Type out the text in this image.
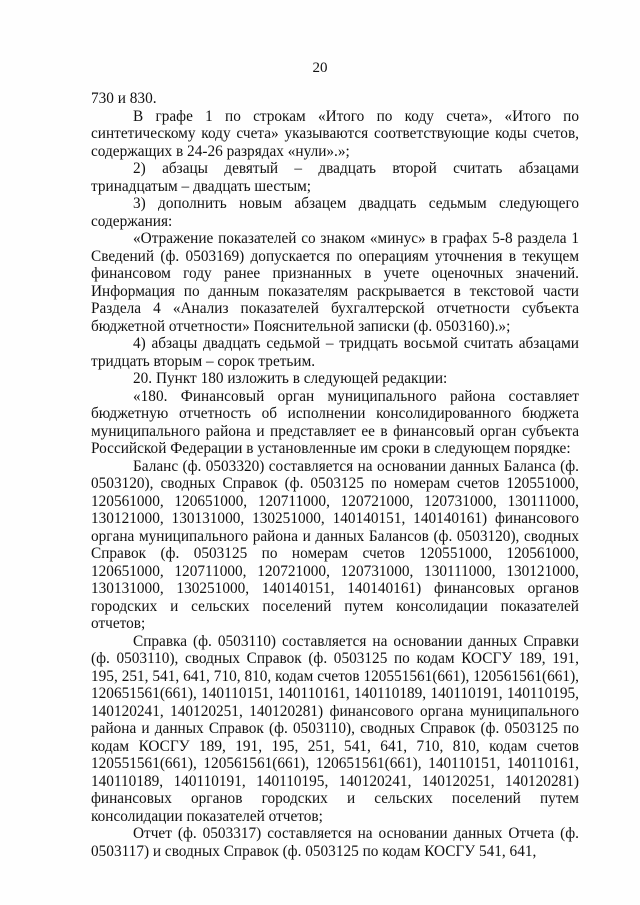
20

730 и 830.

В графе 1 по строкам «Итого по коду счета», «Итого по синтетическому коду счета» указываются соответствующие коды счетов, содержащих в 24-26 разрядах «нули».»;

2) абзацы девятый – двадцать второй считать абзацами тринадцатым – двадцать шестым;

3) дополнить новым абзацем двадцать седьмым следующего содержания:

«Отражение показателей со знаком «минус» в графах 5-8 раздела 1 Сведений (ф. 0503169) допускается по операциям уточнения в текущем финансовом году ранее признанных в учете оценочных значений. Информация по данным показателям раскрывается в текстовой части Раздела 4 «Анализ показателей бухгалтерской отчетности субъекта бюджетной отчетности» Пояснительной записки (ф. 0503160).»;

4) абзацы двадцать седьмой – тридцать восьмой считать абзацами тридцать вторым – сорок третьим.

20. Пункт 180 изложить в следующей редакции:

«180. Финансовый орган муниципального района составляет бюджетную отчетность об исполнении консолидированного бюджета муниципального района и представляет ее в финансовый орган субъекта Российской Федерации в установленные им сроки в следующем порядке:

Баланс (ф. 0503320) составляется на основании данных Баланса (ф. 0503120), сводных Справок (ф. 0503125 по номерам счетов 120551000, 120561000, 120651000, 120711000, 120721000, 120731000, 130111000, 130121000, 130131000, 130251000, 140140151, 140140161) финансового органа муниципального района и данных Балансов (ф. 0503120), сводных Справок (ф. 0503125 по номерам счетов 120551000, 120561000, 120651000, 120711000, 120721000, 120731000, 130111000, 130121000, 130131000, 130251000, 140140151, 140140161) финансовых органов городских и сельских поселений путем консолидации показателей отчетов;

Справка (ф. 0503110) составляется на основании данных Справки (ф. 0503110), сводных Справок (ф. 0503125 по кодам КОСГУ 189, 191, 195, 251, 541, 641, 710, 810, кодам счетов 120551561(661), 120561561(661), 120651561(661), 140110151, 140110161, 140110189, 140110191, 140110195, 140120241, 140120251, 140120281) финансового органа муниципального района и данных Справок (ф. 0503110), сводных Справок (ф. 0503125 по кодам КОСГУ 189, 191, 195, 251, 541, 641, 710, 810, кодам счетов 120551561(661), 120561561(661), 120651561(661), 140110151, 140110161, 140110189, 140110191, 140110195, 140120241, 140120251, 140120281) финансовых органов городских и сельских поселений путем консолидации показателей отчетов;

Отчет (ф. 0503317) составляется на основании данных Отчета (ф. 0503117) и сводных Справок (ф. 0503125 по кодам КОСГУ 541, 641,
